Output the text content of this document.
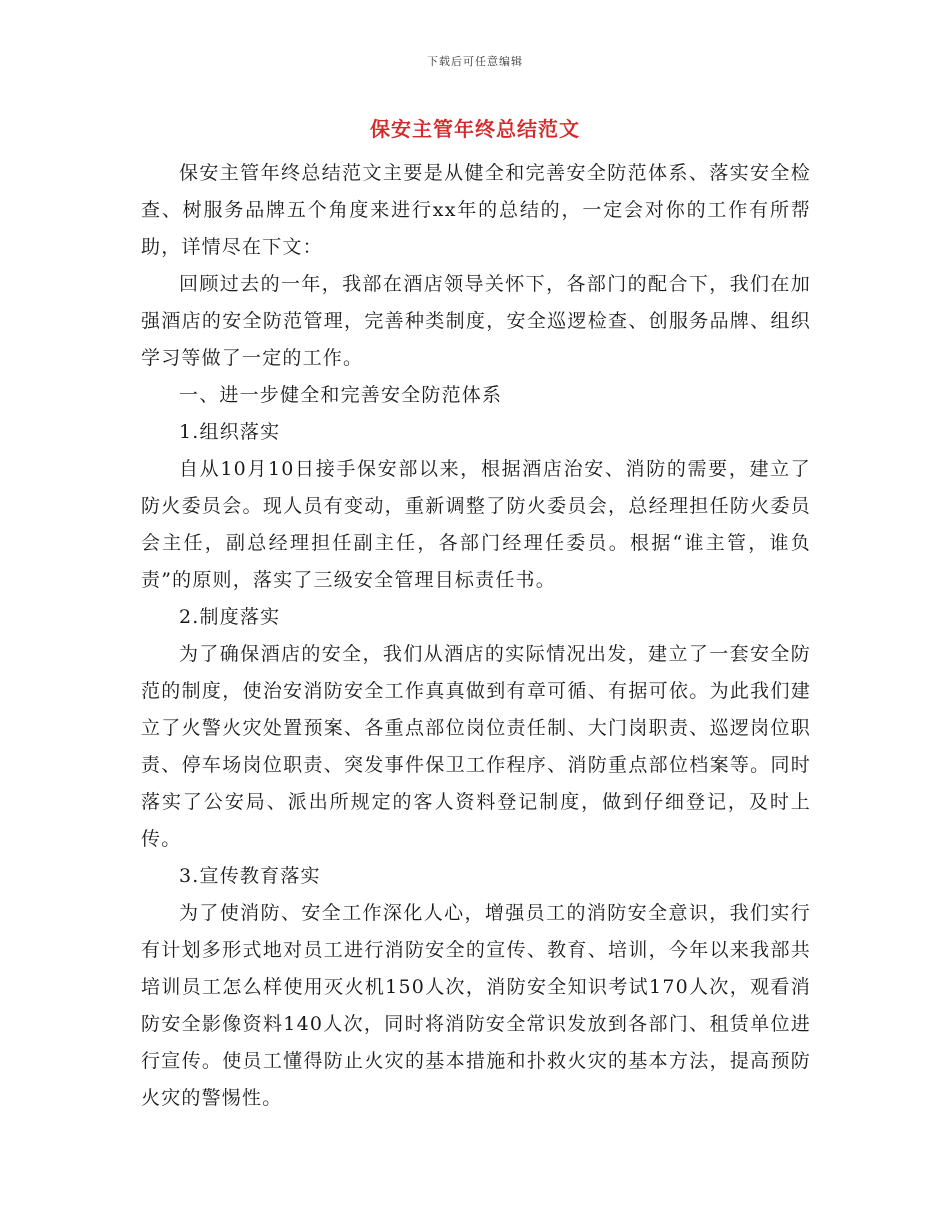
下载后可任意编辑
保安主管年终总结范文

保安主管年终总结范文主要是从健全和完善安全防范体系、落实安全检查、树服务品牌五个角度来进行xx年的总结的，一定会对你的工作有所帮助，详情尽在下文：

回顾过去的一年，我部在酒店领导关怀下，各部门的配合下，我们在加强酒店的安全防范管理，完善种类制度，安全巡逻检查、创服务品牌、组织学习等做了一定的工作。

一、进一步健全和完善安全防范体系

1.组织落实

自从10月10日接手保安部以来，根据酒店治安、消防的需要，建立了防火委员会。现人员有变动，重新调整了防火委员会，总经理担任防火委员会主任，副总经理担任副主任，各部门经理任委员。根据“谁主管，谁负责”的原则，落实了三级安全管理目标责任书。

2.制度落实

为了确保酒店的安全，我们从酒店的实际情况出发，建立了一套安全防范的制度，使治安消防安全工作真真做到有章可循、有据可依。为此我们建立了火警火灾处置预案、各重点部位岗位责任制、大门岗职责、巡逻岗位职责、停车场岗位职责、突发事件保卫工作程序、消防重点部位档案等。同时落实了公安局、派出所规定的客人资料登记制度，做到仔细登记，及时上传。

3.宣传教育落实

为了使消防、安全工作深化人心，增强员工的消防安全意识，我们实行有计划多形式地对员工进行消防安全的宣传、教育、培训，今年以来我部共培训员工怎么样使用灭火机150人次，消防安全知识考试170人次，观看消防安全影像资料140人次，同时将消防安全常识发放到各部门、租赁单位进行宣传。使员工懂得防止火灾的基本措施和扑救火灾的基本方法，提高预防火灾的警惕性。
